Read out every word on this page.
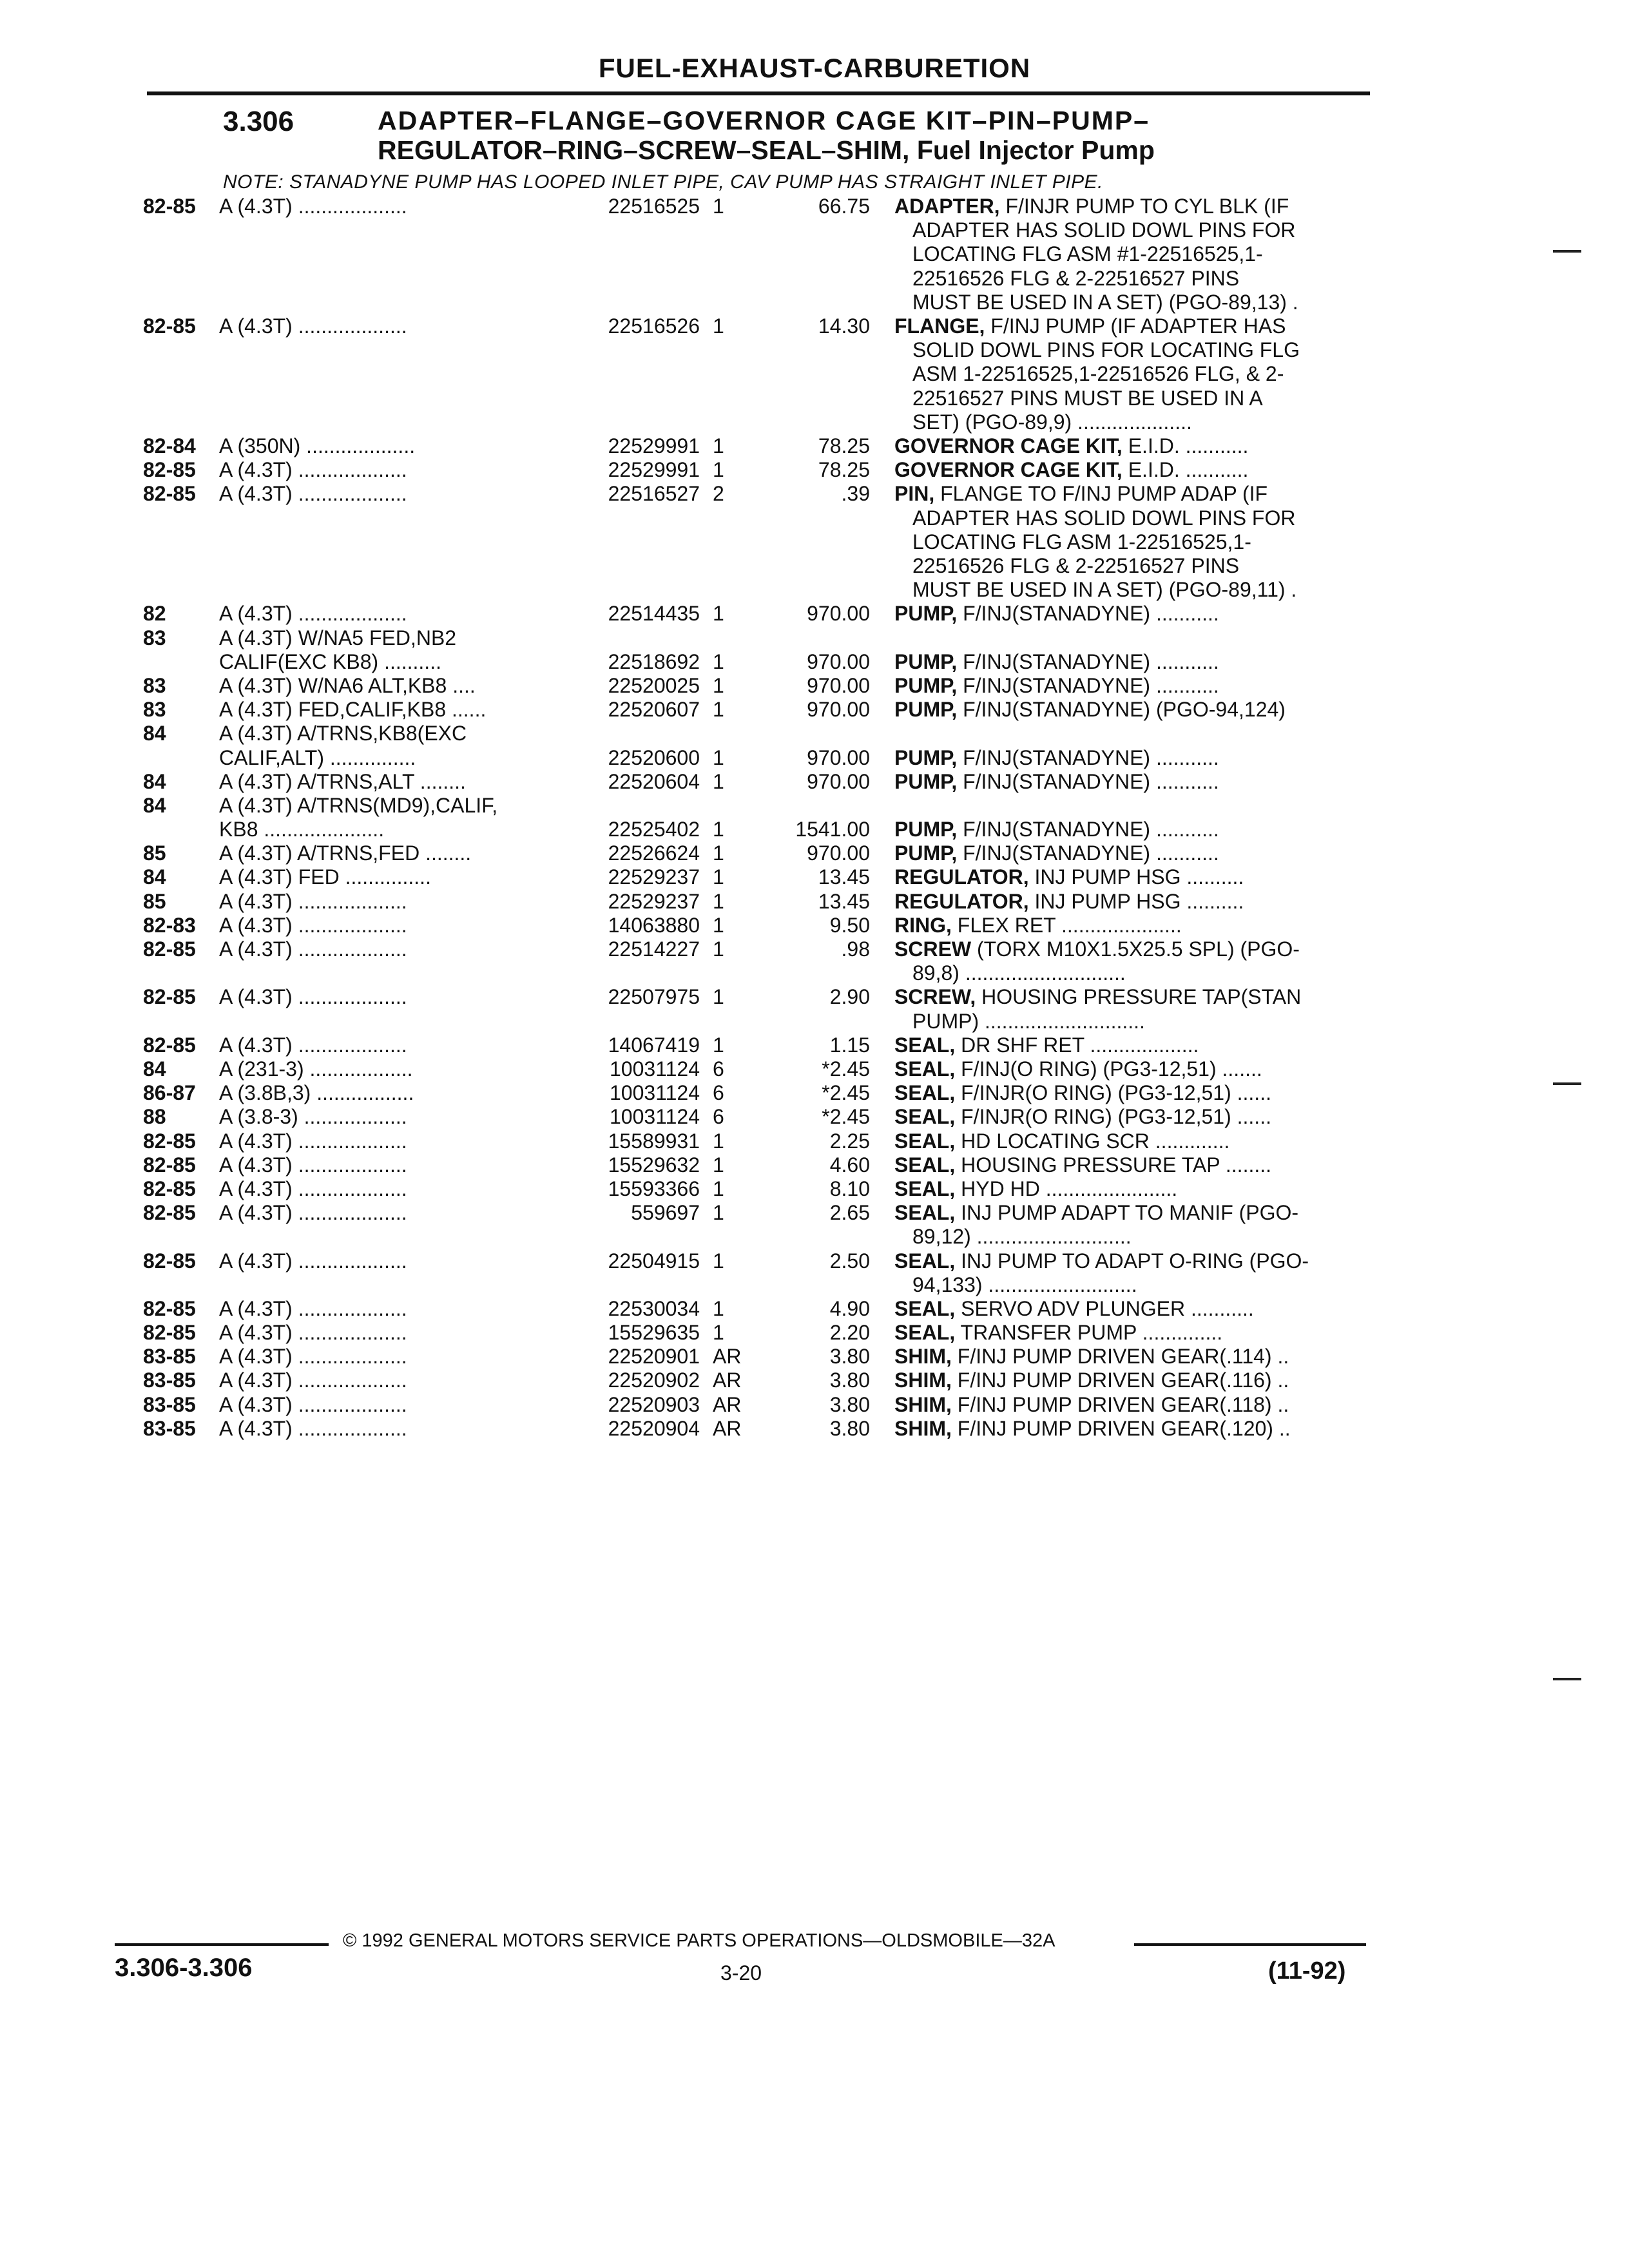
FUEL-EXHAUST-CARBURETION
3.306	ADAPTER–FLANGE–GOVERNOR CAGE KIT–PIN–PUMP–
REGULATOR–RING–SCREW–SEAL–SHIM, Fuel Injector Pump
NOTE: STANADYNE PUMP HAS LOOPED INLET PIPE, CAV PUMP HAS STRAIGHT INLET PIPE.
82-85	A (4.3T) ...................	22516525 1	66.75 ADAPTER, F/INJR PUMP TO CYL BLK (IF
ADAPTER HAS SOLID DOWL PINS FOR
LOCATING FLG ASM #1-22516525,1-
22516526 FLG & 2-22516527 PINS
MUST BE USED IN A SET) (PGO-89,13) .
82-85	A (4.3T) ...................	22516526 1	14.30 FLANGE, F/INJ PUMP (IF ADAPTER HAS
SOLID DOWL PINS FOR LOCATING FLG
ASM 1-22516525,1-22516526 FLG, & 2-
22516527 PINS MUST BE USED IN A
SET) (PGO-89,9) ....................
82-84	A (350N) ...................	22529991 1	78.25 GOVERNOR CAGE KIT, E.I.D. ...........
82-85	A (4.3T) ...................	22529991 1	78.25 GOVERNOR CAGE KIT, E.I.D. ...........
82-85	A (4.3T) ...................	22516527 2	.39 PIN, FLANGE TO F/INJ PUMP ADAP (IF
ADAPTER HAS SOLID DOWL PINS FOR
LOCATING FLG ASM 1-22516525,1-
22516526 FLG & 2-22516527 PINS
MUST BE USED IN A SET) (PGO-89,11) .
82	A (4.3T) ...................	22514435 1	970.00 PUMP, F/INJ(STANADYNE) ...........
83	A (4.3T) W/NA5 FED,NB2
CALIF(EXC KB8) ..........	22518692 1	970.00 PUMP, F/INJ(STANADYNE) ...........
83	A (4.3T) W/NA6 ALT,KB8 ....	22520025 1	970.00 PUMP, F/INJ(STANADYNE) ...........
83	A (4.3T) FED,CALIF,KB8 ......	22520607 1	970.00 PUMP, F/INJ(STANADYNE) (PGO-94,124)
84	A (4.3T) A/TRNS,KB8(EXC
CALIF,ALT) ...............	22520600 1	970.00 PUMP, F/INJ(STANADYNE) ...........
84	A (4.3T) A/TRNS,ALT ........	22520604 1	970.00 PUMP, F/INJ(STANADYNE) ...........
84	A (4.3T) A/TRNS(MD9),CALIF,
KB8 .....................	22525402 1	1541.00 PUMP, F/INJ(STANADYNE) ...........
85	A (4.3T) A/TRNS,FED ........	22526624 1	970.00 PUMP, F/INJ(STANADYNE) ...........
84	A (4.3T) FED ...............	22529237 1	13.45 REGULATOR, INJ PUMP HSG ..........
85	A (4.3T) ...................	22529237 1	13.45 REGULATOR, INJ PUMP HSG ..........
82-83	A (4.3T) ...................	14063880 1	9.50 RING, FLEX RET .....................
82-85	A (4.3T) ...................	22514227 1	.98 SCREW (TORX M10X1.5X25.5 SPL) (PGO-
89,8) ............................
82-85	A (4.3T) ...................	22507975 1	2.90 SCREW, HOUSING PRESSURE TAP(STAN
PUMP) ............................
82-85	A (4.3T) ...................	14067419 1	1.15 SEAL, DR SHF RET ...................
84	A (231-3) ..................	10031124 6	*2.45 SEAL, F/INJ(O RING) (PG3-12,51) .......
86-87	A (3.8B,3) .................	10031124 6	*2.45 SEAL, F/INJR(O RING) (PG3-12,51) ......
88	A (3.8-3) ..................	10031124 6	*2.45 SEAL, F/INJR(O RING) (PG3-12,51) ......
82-85	A (4.3T) ...................	15589931 1	2.25 SEAL, HD LOCATING SCR .............
82-85	A (4.3T) ...................	15529632 1	4.60 SEAL, HOUSING PRESSURE TAP ........
82-85	A (4.3T) ...................	15593366 1	8.10 SEAL, HYD HD .......................
82-85	A (4.3T) ...................	559697 1	2.65 SEAL, INJ PUMP ADAPT TO MANIF (PGO-
89,12) ...........................
82-85	A (4.3T) ...................	22504915 1	2.50 SEAL, INJ PUMP TO ADAPT O-RING (PGO-
94,133) ..........................
82-85	A (4.3T) ...................	22530034 1	4.90 SEAL, SERVO ADV PLUNGER ...........
82-85	A (4.3T) ...................	15529635 1	2.20 SEAL, TRANSFER PUMP ..............
83-85	A (4.3T) ...................	22520901 AR	3.80 SHIM, F/INJ PUMP DRIVEN GEAR(.114) ..
83-85	A (4.3T) ...................	22520902 AR	3.80 SHIM, F/INJ PUMP DRIVEN GEAR(.116) ..
83-85	A (4.3T) ...................	22520903 AR	3.80 SHIM, F/INJ PUMP DRIVEN GEAR(.118) ..
83-85	A (4.3T) ...................	22520904 AR	3.80 SHIM, F/INJ PUMP DRIVEN GEAR(.120) ..
© 1992 GENERAL MOTORS SERVICE PARTS OPERATIONS—OLDSMOBILE—32A
3.306-3.306	3-20	(11-92)
